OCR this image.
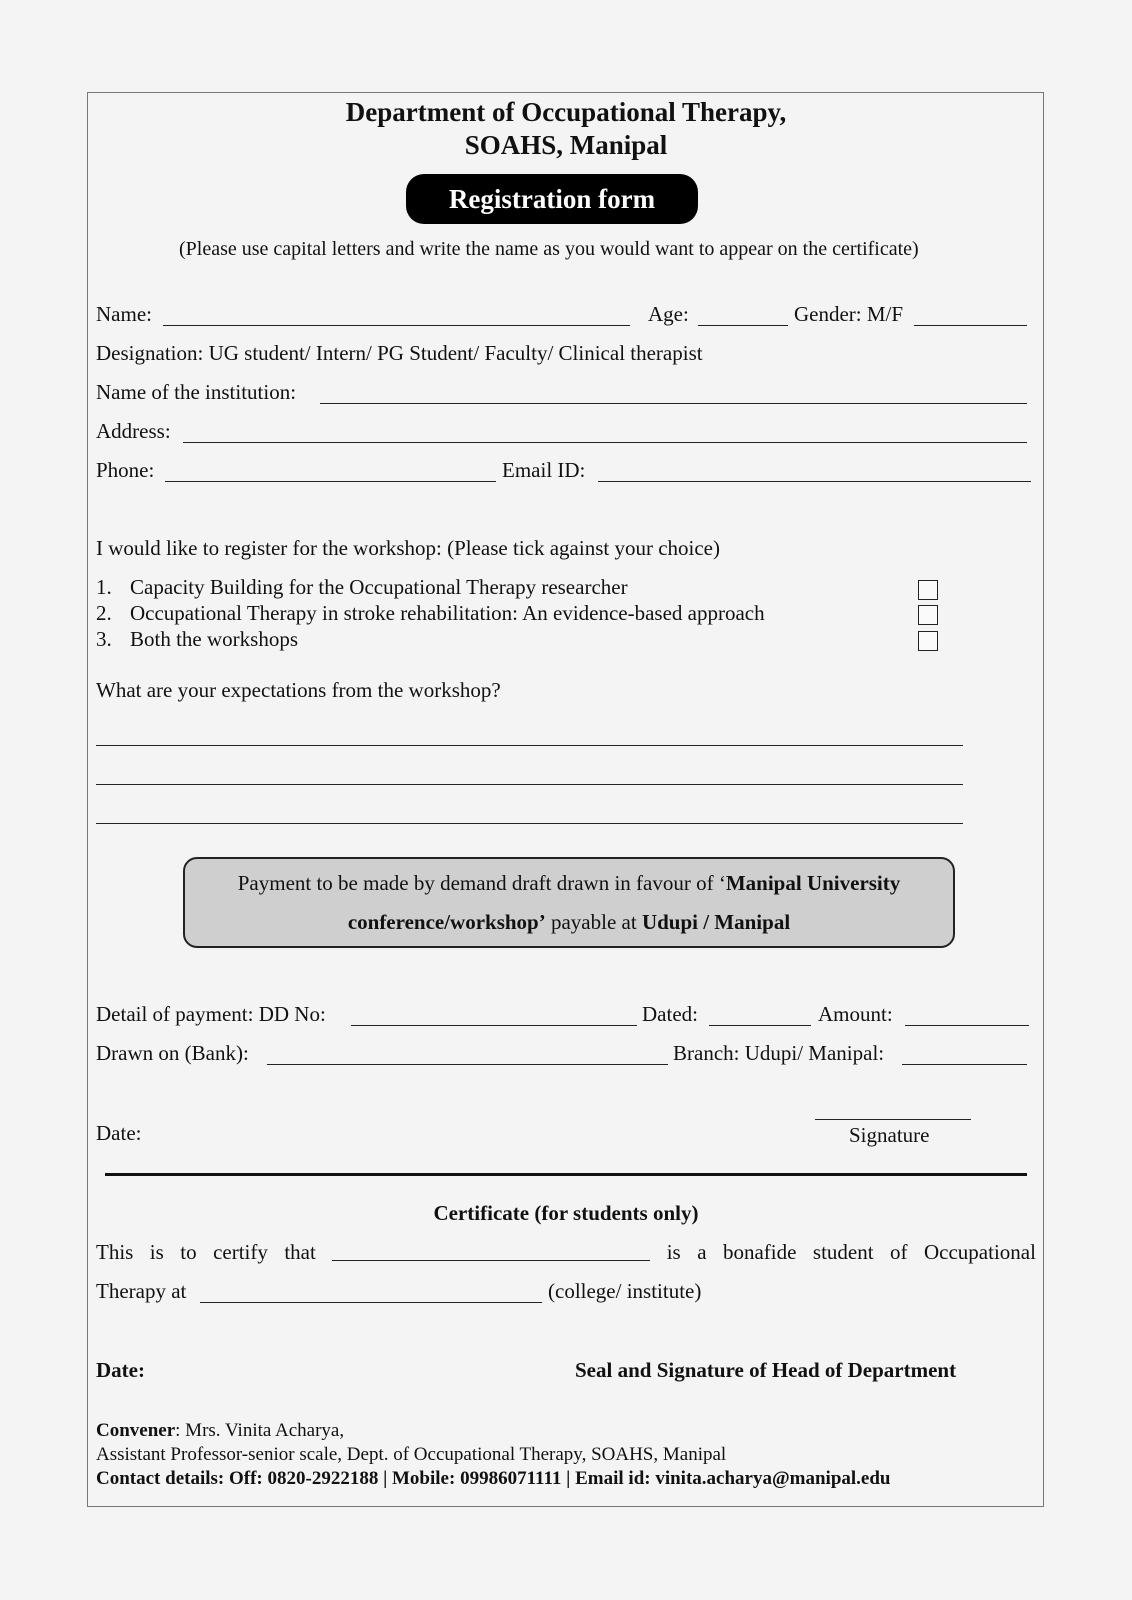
Department of Occupational Therapy,
SOAHS, Manipal
Registration form
(Please use capital letters and write the name as you would want to appear on the certificate)
Name:	Age:	Gender: M/F
Designation: UG student/ Intern/ PG Student/ Faculty/ Clinical therapist
Name of the institution:
Address:
Phone:	Email ID:
I would like to register for the workshop: (Please tick against your choice)
1. Capacity Building for the Occupational Therapy researcher
2. Occupational Therapy in stroke rehabilitation: An evidence-based approach
3. Both the workshops
What are your expectations from the workshop?
Payment to be made by demand draft drawn in favour of ‘Manipal University
conference/workshop’ payable at Udupi / Manipal
Detail of payment: DD No:	Dated:	Amount:
Drawn on (Bank):	Branch: Udupi/ Manipal:
Date:	Signature
Certificate (for students only)
This is to certify that	is a bonafide student of Occupational
Therapy at	(college/ institute)
Date:	Seal and Signature of Head of Department
Convener: Mrs. Vinita Acharya,
Assistant Professor-senior scale, Dept. of Occupational Therapy, SOAHS, Manipal
Contact details: Off: 0820-2922188 | Mobile: 09986071111 | Email id: vinita.acharya@manipal.edu
